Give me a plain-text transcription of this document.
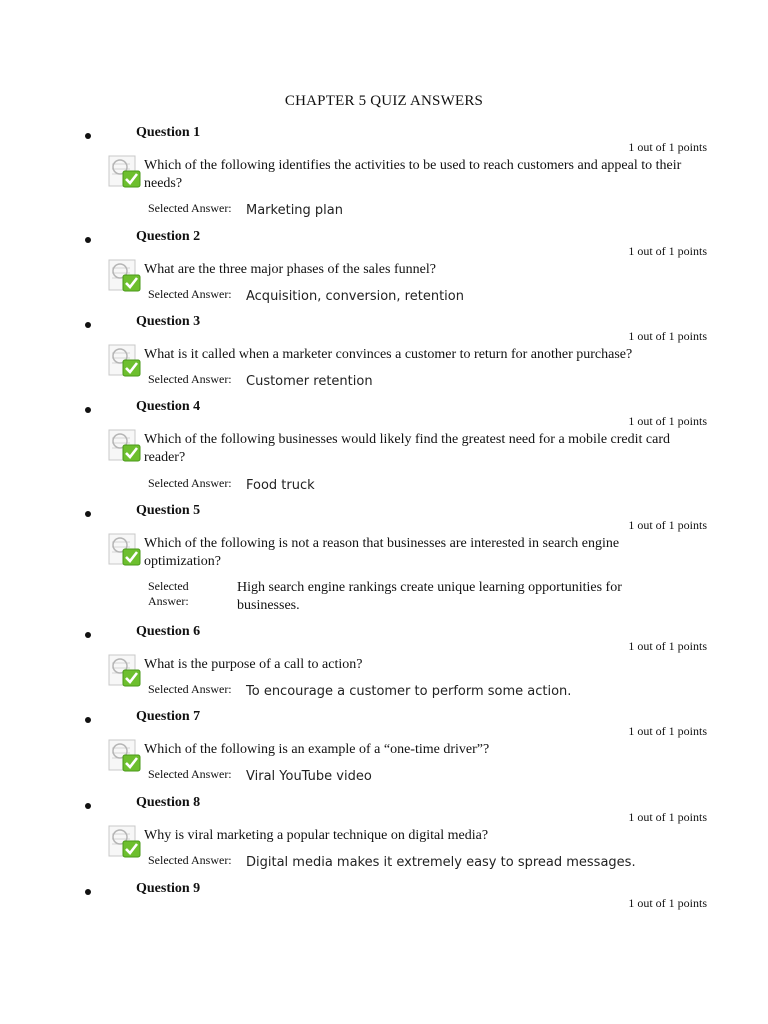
CHAPTER 5 QUIZ ANSWERS
Question 1
1 out of 1 points
Which of the following identifies the activities to be used to reach customers and appeal to their needs?
Selected Answer: Marketing plan
Question 2
1 out of 1 points
What are the three major phases of the sales funnel?
Selected Answer: Acquisition, conversion, retention
Question 3
1 out of 1 points
What is it called when a marketer convinces a customer to return for another purchase?
Selected Answer: Customer retention
Question 4
1 out of 1 points
Which of the following businesses would likely find the greatest need for a mobile credit card reader?
Selected Answer: Food truck
Question 5
1 out of 1 points
Which of the following is not a reason that businesses are interested in search engine optimization?
Selected
Answer:
High search engine rankings create unique learning opportunities for businesses.
Question 6
1 out of 1 points
What is the purpose of a call to action?
Selected Answer: To encourage a customer to perform some action.
Question 7
1 out of 1 points
Which of the following is an example of a “one-time driver”?
Selected Answer: Viral YouTube video
Question 8
1 out of 1 points
Why is viral marketing a popular technique on digital media?
Selected Answer: Digital media makes it extremely easy to spread messages.
Question 9
1 out of 1 points
